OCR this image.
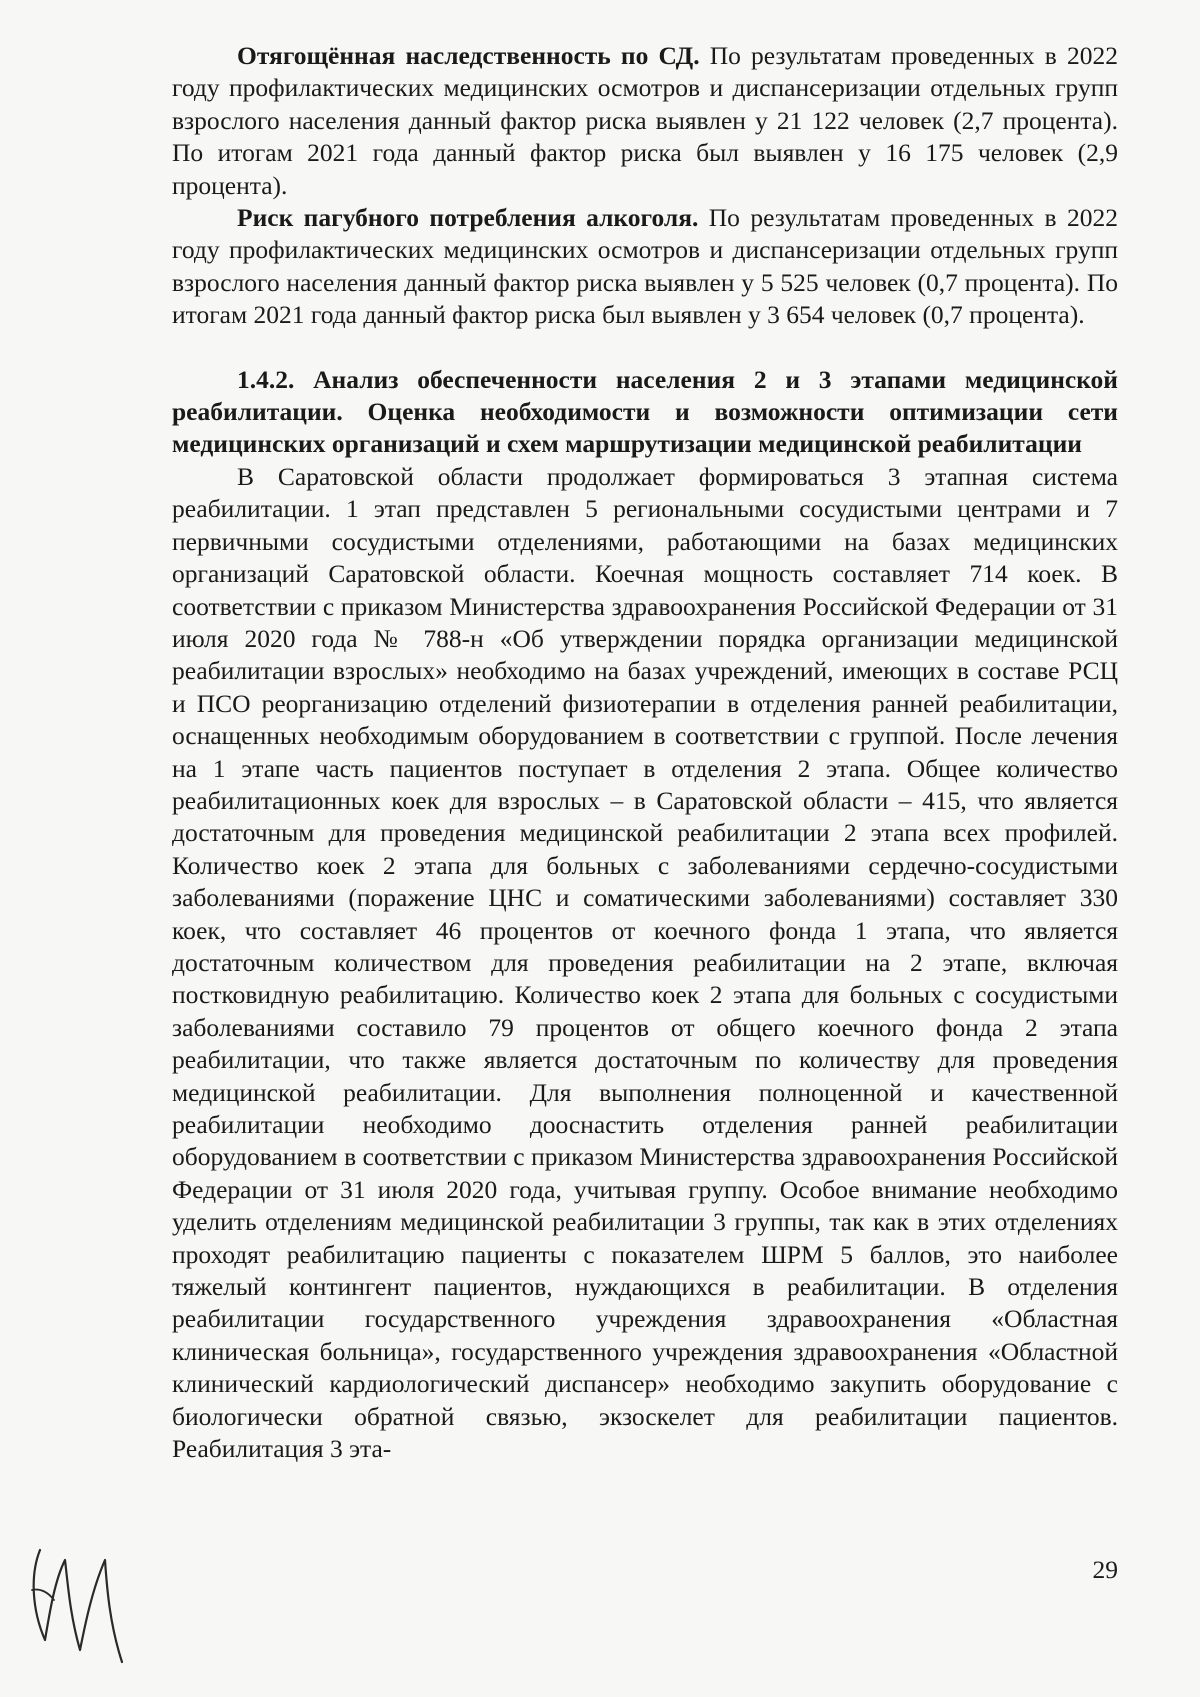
Отягощённая наследственность по СД. По результатам проведенных в 2022 году профилактических медицинских осмотров и диспансеризации отдельных групп взрослого населения данный фактор риска выявлен у 21 122 человек (2,7 процента). По итогам 2021 года данный фактор риска был выявлен у 16 175 человек (2,9 процента).

Риск пагубного потребления алкоголя. По результатам проведенных в 2022 году профилактических медицинских осмотров и диспансеризации отдельных групп взрослого населения данный фактор риска выявлен у 5 525 человек (0,7 процента). По итогам 2021 года данный фактор риска был выявлен у 3 654 человек (0,7 процента).

1.4.2. Анализ обеспеченности населения 2 и 3 этапами медицинской реабилитации. Оценка необходимости и возможности оптимизации сети медицинских организаций и схем маршрутизации медицинской реабилитации

В Саратовской области продолжает формироваться 3 этапная система реабилитации. 1 этап представлен 5 региональными сосудистыми центрами и 7 первичными сосудистыми отделениями, работающими на базах медицинских организаций Саратовской области. Коечная мощность составляет 714 коек. В соответствии с приказом Министерства здравоохранения Российской Федерации от 31 июля 2020 года № 788-н «Об утверждении порядка организации медицинской реабилитации взрослых» необходимо на базах учреждений, имеющих в составе РСЦ и ПСО реорганизацию отделений физиотерапии в отделения ранней реабилитации, оснащенных необходимым оборудованием в соответствии с группой. После лечения на 1 этапе часть пациентов поступает в отделения 2 этапа. Общее количество реабилитационных коек для взрослых – в Саратовской области – 415, что является достаточным для проведения медицинской реабилитации 2 этапа всех профилей. Количество коек 2 этапа для больных с заболеваниями сердечно-сосудистыми заболеваниями (поражение ЦНС и соматическими заболеваниями) составляет 330 коек, что составляет 46 процентов от коечного фонда 1 этапа, что является достаточным количеством для проведения реабилитации на 2 этапе, включая постковидную реабилитацию. Количество коек 2 этапа для больных с сосудистыми заболеваниями составило 79 процентов от общего коечного фонда 2 этапа реабилитации, что также является достаточным по количеству для проведения медицинской реабилитации. Для выполнения полноценной и качественной реабилитации необходимо дооснастить отделения ранней реабилитации оборудованием в соответствии с приказом Министерства здравоохранения Российской Федерации от 31 июля 2020 года, учитывая группу. Особое внимание необходимо уделить отделениям медицинской реабилитации 3 группы, так как в этих отделениях проходят реабилитацию пациенты с показателем ШРМ 5 баллов, это наиболее тяжелый контингент пациентов, нуждающихся в реабилитации. В отделения реабилитации государственного учреждения здравоохранения «Областная клиническая больница», государственного учреждения здравоохранения «Областной клинический кардиологический диспансер» необходимо закупить оборудование с биологически обратной связью, экзоскелет для реабилитации пациентов. Реабилитация 3 эта-

29
